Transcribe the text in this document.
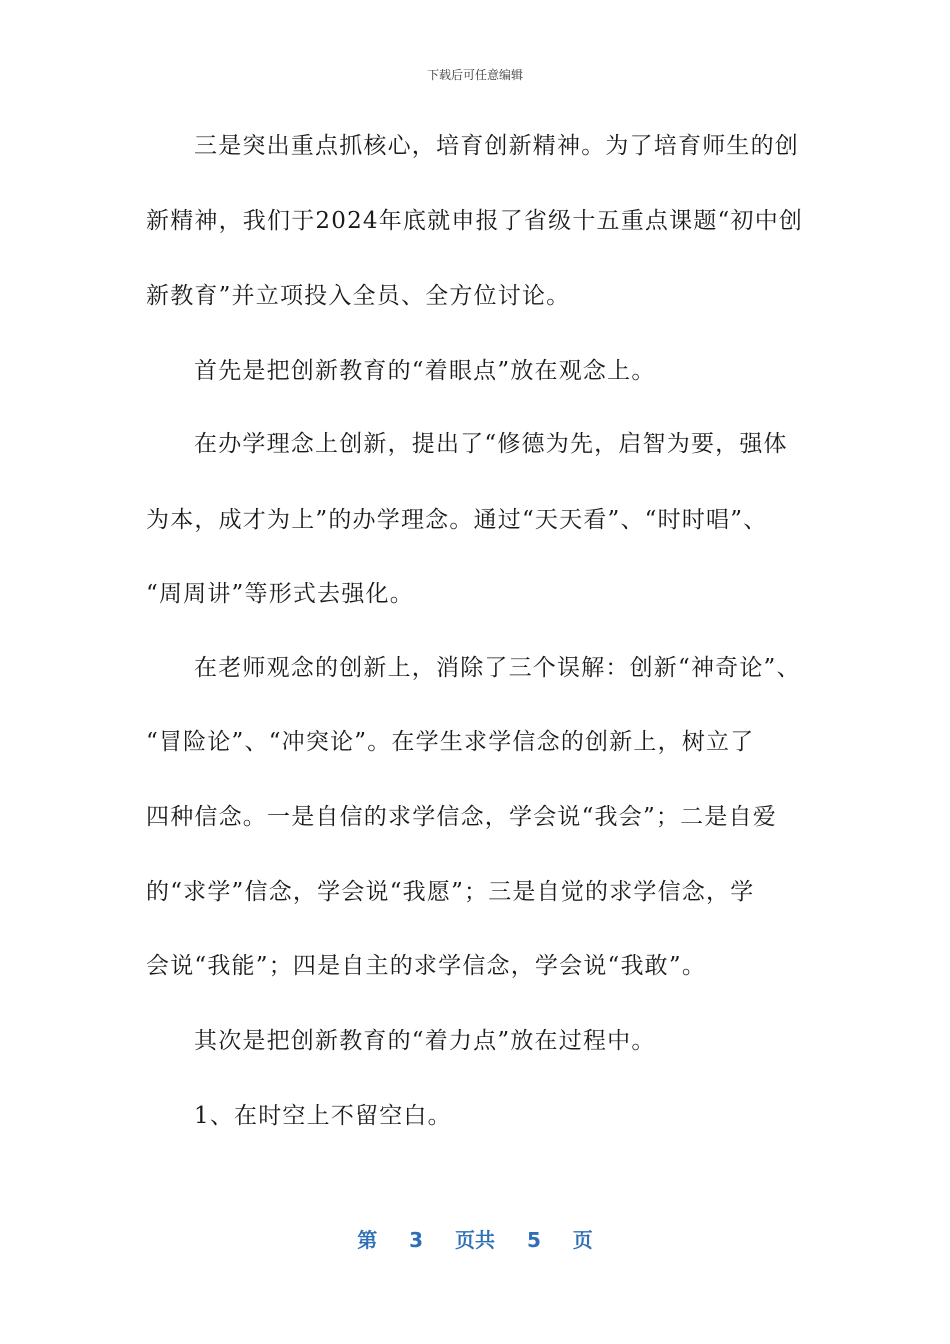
下载后可任意编辑
三是突出重点抓核心，培育创新精神。为了培育师生的创
新精神，我们于2024年底就申报了省级十五重点课题“初中创
新教育”并立项投入全员、全方位讨论。
首先是把创新教育的“着眼点”放在观念上。
在办学理念上创新，提出了“修德为先，启智为要，强体
为本，成才为上”的办学理念。通过“天天看”、“时时唱”、
“周周讲”等形式去强化。
在老师观念的创新上，消除了三个误解：创新“神奇论”、
“冒险论”、“冲突论”。在学生求学信念的创新上，树立了
四种信念。一是自信的求学信念，学会说“我会”；二是自爱
的“求学”信念，学会说“我愿”；三是自觉的求学信念，学
会说“我能”；四是自主的求学信念，学会说“我敢”。
其次是把创新教育的“着力点”放在过程中。
1、在时空上不留空白。
第 3 页共 5 页
